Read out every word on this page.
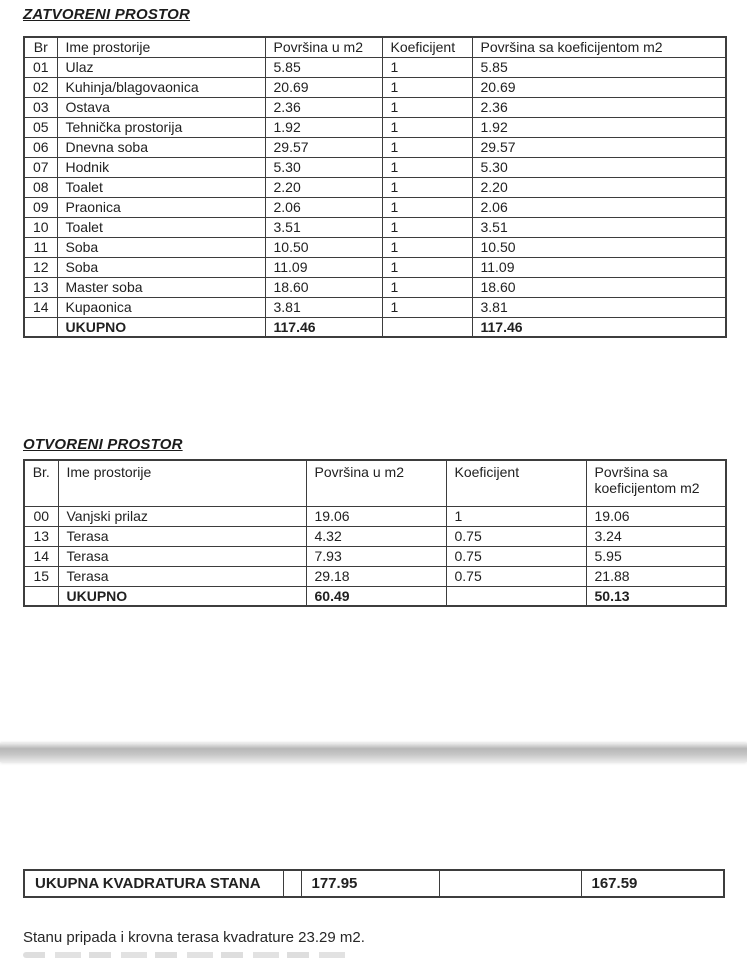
ZATVORENI PROSTOR
Br	Ime prostorije	Površina u m2	Koeficijent	Površina sa koeficijentom m2
01	Ulaz	5.85	1	5.85
02	Kuhinja/blagovaonica	20.69	1	20.69
03	Ostava	2.36	1	2.36
05	Tehnička prostorija	1.92	1	1.92
06	Dnevna soba	29.57	1	29.57
07	Hodnik	5.30	1	5.30
08	Toalet	2.20	1	2.20
09	Praonica	2.06	1	2.06
10	Toalet	3.51	1	3.51
11	Soba	10.50	1	10.50
12	Soba	11.09	1	11.09
13	Master soba	18.60	1	18.60
14	Kupaonica	3.81	1	3.81
	UKUPNO	117.46		117.46
OTVORENI PROSTOR
Br.	Ime prostorije	Površina u m2	Koeficijent	Površina sa koeficijentom m2
00	Vanjski prilaz	19.06	1	19.06
13	Terasa	4.32	0.75	3.24
14	Terasa	7.93	0.75	5.95
15	Terasa	29.18	0.75	21.88
	UKUPNO	60.49		50.13
UKUPNA KVADRATURA STANA		177.95		167.59
Stanu pripada i krovna terasa kvadrature 23.29 m2.
